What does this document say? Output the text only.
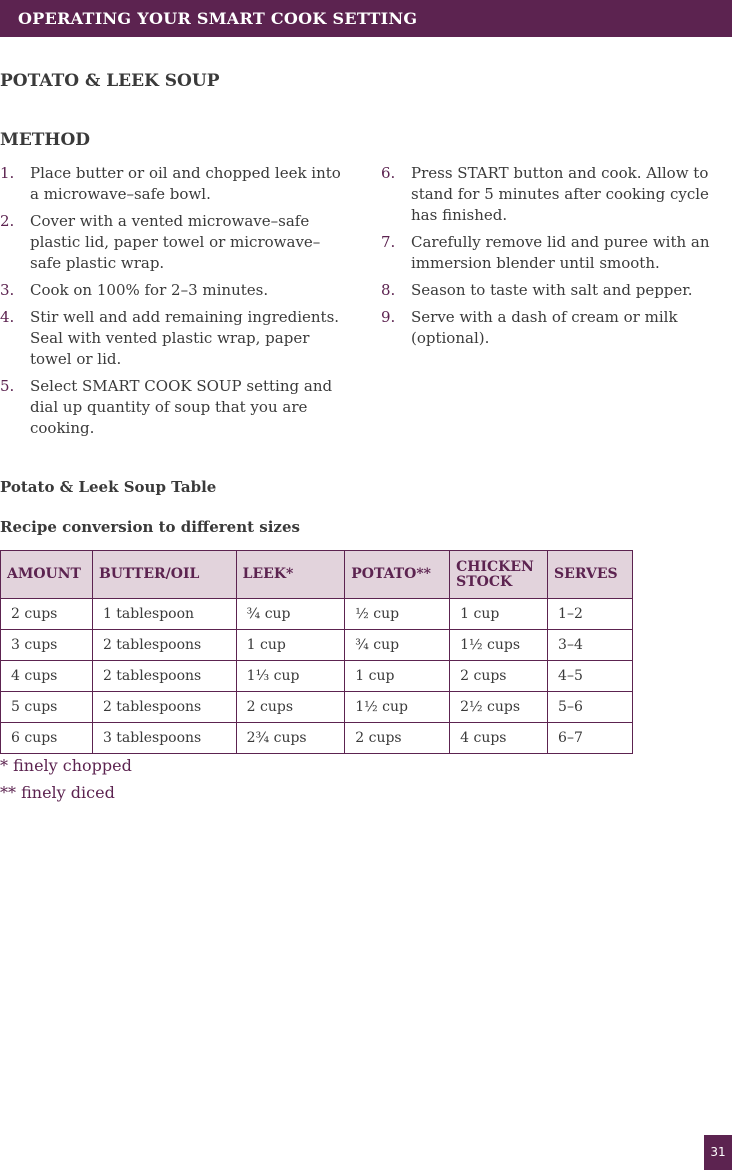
OPERATING YOUR SMART COOK SETTING
POTATO & LEEK SOUP
METHOD
1. Place butter or oil and chopped leek into a microwave–safe bowl.
2. Cover with a vented microwave–safe plastic lid, paper towel or microwave–safe plastic wrap.
3. Cook on 100% for 2–3 minutes.
4. Stir well and add remaining ingredients. Seal with vented plastic wrap, paper towel or lid.
5. Select SMART COOK SOUP setting and dial up quantity of soup that you are cooking.
6. Press START button and cook. Allow to stand for 5 minutes after cooking cycle has finished.
7. Carefully remove lid and puree with an immersion blender until smooth.
8. Season to taste with salt and pepper.
9. Serve with a dash of cream or milk (optional).
Potato & Leek Soup Table
Recipe conversion to different sizes
AMOUNT	BUTTER/OIL	LEEK*	POTATO**	CHICKEN STOCK	SERVES
2 cups	1 tablespoon	¾ cup	½ cup	1 cup	1–2
3 cups	2 tablespoons	1 cup	¾ cup	1½ cups	3–4
4 cups	2 tablespoons	1⅓ cup	1 cup	2 cups	4–5
5 cups	2 tablespoons	2 cups	1½ cup	2½ cups	5–6
6 cups	3 tablespoons	2¾ cups	2 cups	4 cups	6–7
* finely chopped
** finely diced
31
